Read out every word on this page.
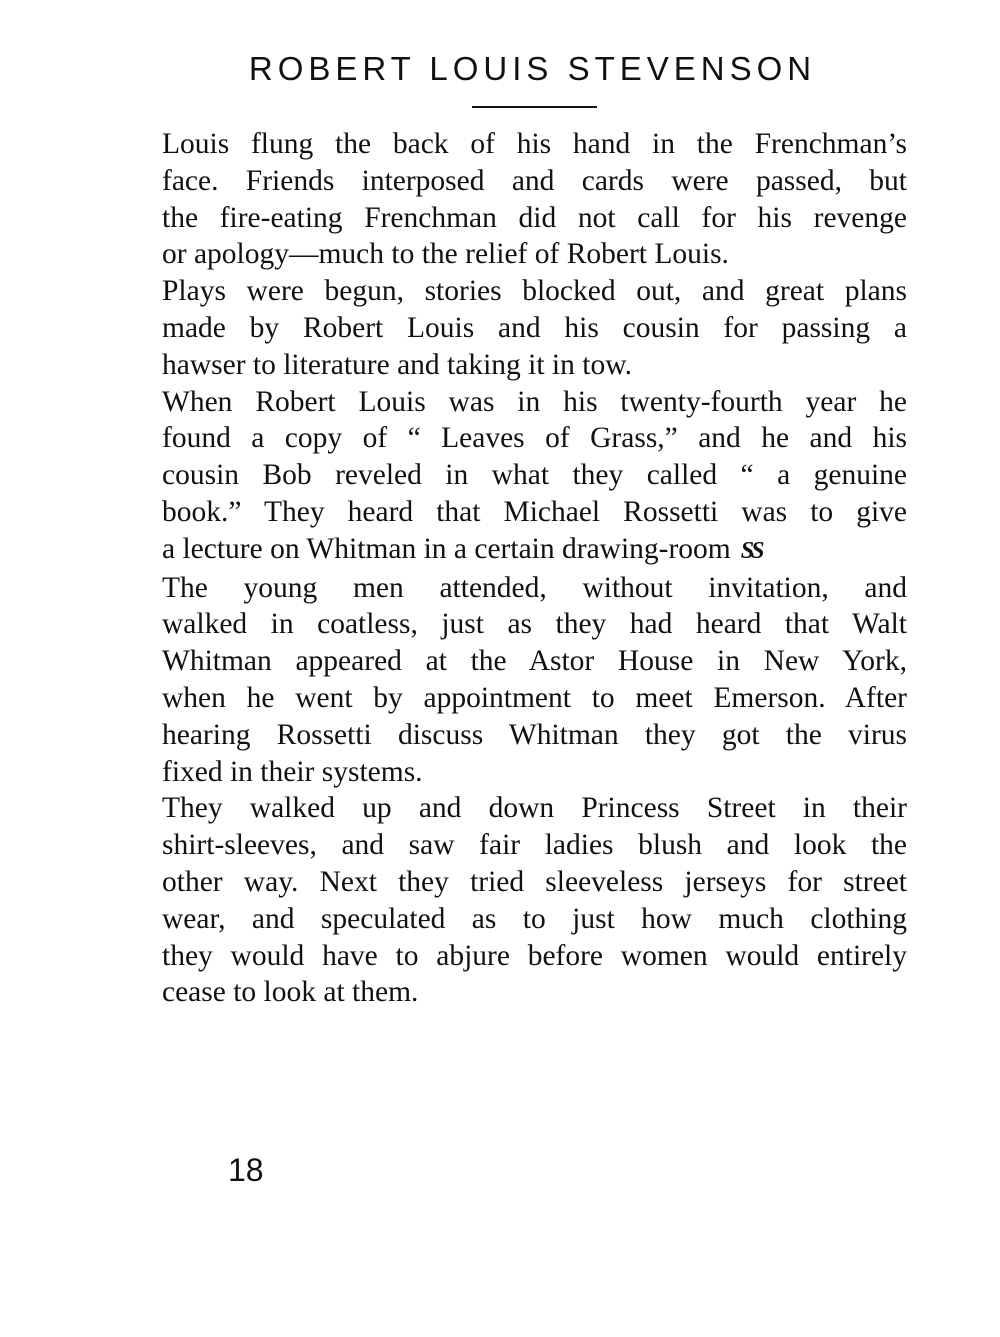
ROBERT LOUIS STEVENSON

Louis flung the back of his hand in the Frenchman’s
face. Friends interposed and cards were passed, but
the fire-eating Frenchman did not call for his revenge
or apology—much to the relief of Robert Louis.

Plays were begun, stories blocked out, and great plans
made by Robert Louis and his cousin for passing a
hawser to literature and taking it in tow.

When Robert Louis was in his twenty-fourth year he
found a copy of “ Leaves of Grass,” and he and his
cousin Bob reveled in what they called “ a genuine
book.” They heard that Michael Rossetti was to give
a lecture on Whitman in a certain drawing-room SS
The young men attended, without invitation, and
walked in coatless, just as they had heard that Walt
Whitman appeared at the Astor House in New York,
when he went by appointment to meet Emerson. After
hearing Rossetti discuss Whitman they got the virus
fixed in their systems.

They walked up and down Princess Street in their
shirt-sleeves, and saw fair ladies blush and look the
other way. Next they tried sleeveless jerseys for street
wear, and speculated as to just how much clothing
they would have to abjure before women would entirely
cease to look at them.

18
